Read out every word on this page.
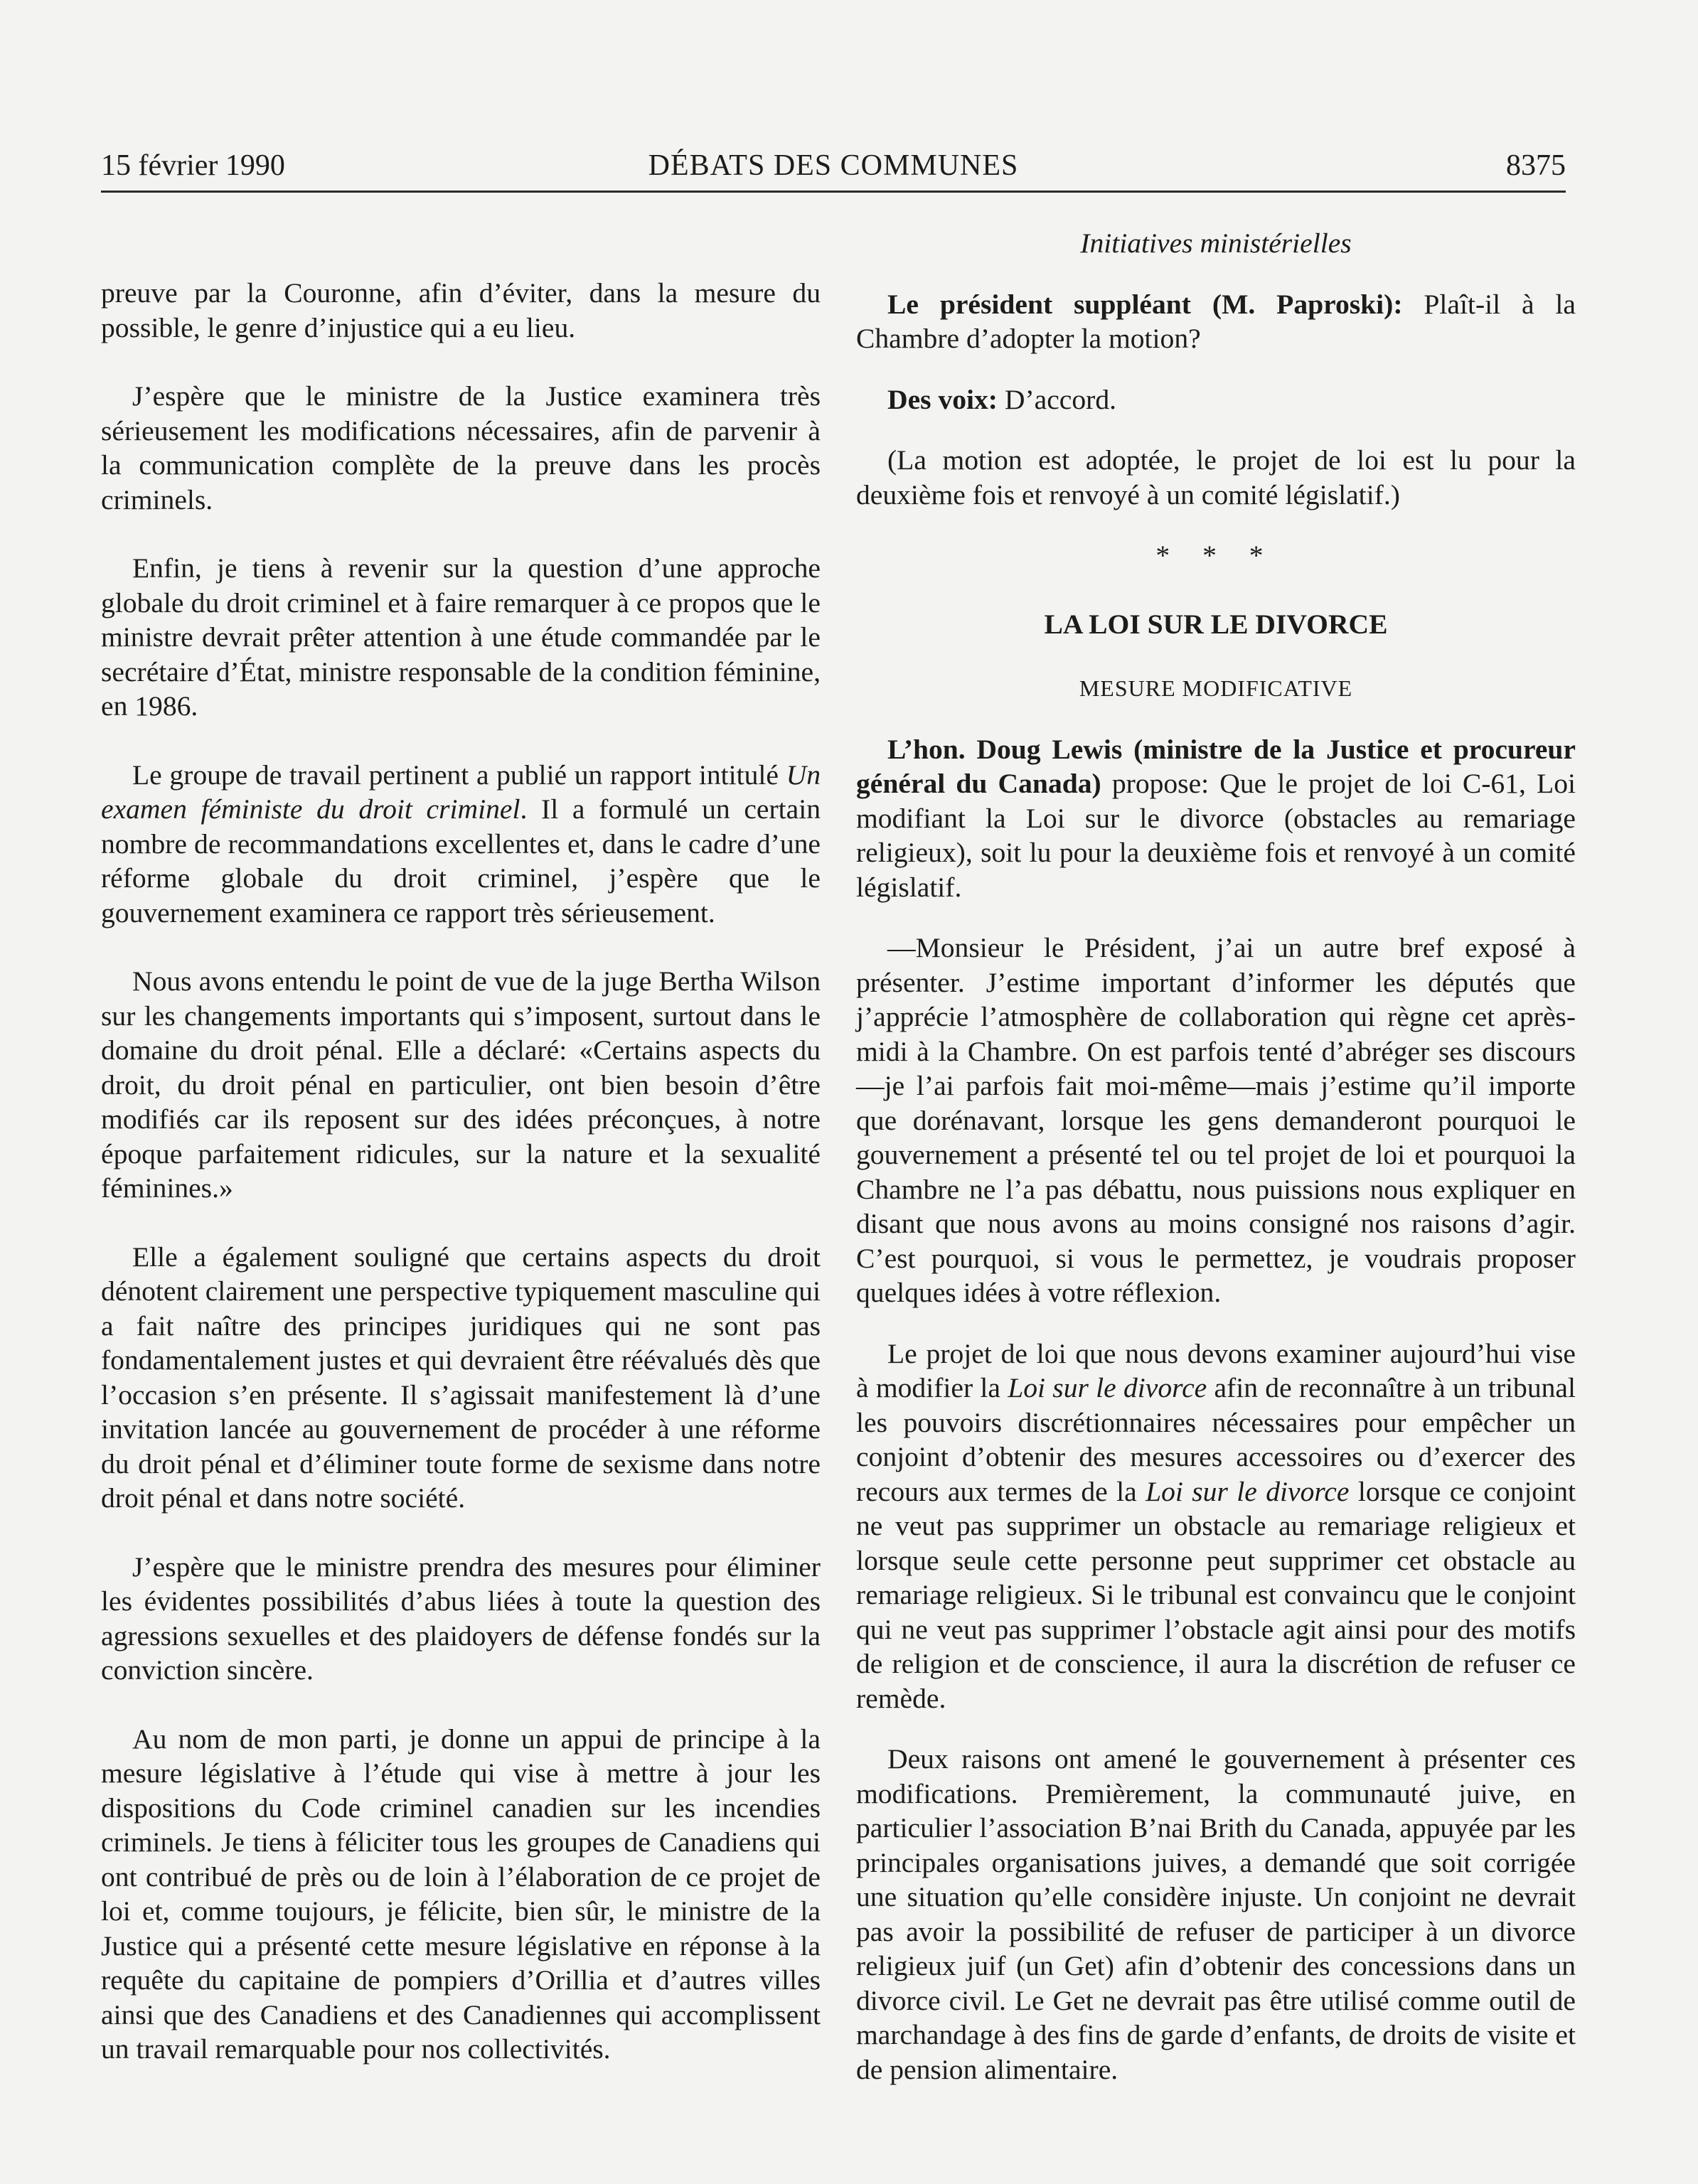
DÉBATS DES COMMUNES
15 février 1990	8375

preuve par la Couronne, afin d’éviter, dans la mesure du possible, le genre d’injustice qui a eu lieu.

J’espère que le ministre de la Justice examinera très sérieusement les modifications nécessaires, afin de parvenir à la communication complète de la preuve dans les procès criminels.

Enfin, je tiens à revenir sur la question d’une approche globale du droit criminel et à faire remarquer à ce propos que le ministre devrait prêter attention à une étude commandée par le secrétaire d’État, ministre responsable de la condition féminine, en 1986.

Le groupe de travail pertinent a publié un rapport intitulé Un examen féministe du droit criminel. Il a formulé un certain nombre de recommandations excellentes et, dans le cadre d’une réforme globale du droit criminel, j’espère que le gouvernement examinera ce rapport très sérieusement.

Nous avons entendu le point de vue de la juge Bertha Wilson sur les changements importants qui s’imposent, surtout dans le domaine du droit pénal. Elle a déclaré: «Certains aspects du droit, du droit pénal en particulier, ont bien besoin d’être modifiés car ils reposent sur des idées préconçues, à notre époque parfaitement ridicules, sur la nature et la sexualité féminines.»

Elle a également souligné que certains aspects du droit dénotent clairement une perspective typiquement masculine qui a fait naître des principes juridiques qui ne sont pas fondamentalement justes et qui devraient être réévalués dès que l’occasion s’en présente. Il s’agissait manifestement là d’une invitation lancée au gouvernement de procéder à une réforme du droit pénal et d’éliminer toute forme de sexisme dans notre droit pénal et dans notre société.

J’espère que le ministre prendra des mesures pour éliminer les évidentes possibilités d’abus liées à toute la question des agressions sexuelles et des plaidoyers de défense fondés sur la conviction sincère.

Au nom de mon parti, je donne un appui de principe à la mesure législative à l’étude qui vise à mettre à jour les dispositions du Code criminel canadien sur les incendies criminels. Je tiens à féliciter tous les groupes de Canadiens qui ont contribué de près ou de loin à l’élaboration de ce projet de loi et, comme toujours, je félicite, bien sûr, le ministre de la Justice qui a présenté cette mesure législative en réponse à la requête du capitaine de pompiers d’Orillia et d’autres villes ainsi que des Canadiens et des Canadiennes qui accomplissent un travail remarquable pour nos collectivités.

Initiatives ministérielles

Le président suppléant (M. Paproski): Plaît-il à la Chambre d’adopter la motion?

Des voix: D’accord.

(La motion est adoptée, le projet de loi est lu pour la deuxième fois et renvoyé à un comité législatif.)

* * *

LA LOI SUR LE DIVORCE

MESURE MODIFICATIVE

L’hon. Doug Lewis (ministre de la Justice et procureur général du Canada) propose: Que le projet de loi C-61, Loi modifiant la Loi sur le divorce (obstacles au remariage religieux), soit lu pour la deuxième fois et renvoyé à un comité législatif.

—Monsieur le Président, j’ai un autre bref exposé à présenter. J’estime important d’informer les députés que j’apprécie l’atmosphère de collaboration qui règne cet après-midi à la Chambre. On est parfois tenté d’abréger ses discours—je l’ai parfois fait moi-même—mais j’estime qu’il importe que dorénavant, lorsque les gens demanderont pourquoi le gouvernement a présenté tel ou tel projet de loi et pourquoi la Chambre ne l’a pas débattu, nous puissions nous expliquer en disant que nous avons au moins consigné nos raisons d’agir. C’est pourquoi, si vous le permettez, je voudrais proposer quelques idées à votre réflexion.

Le projet de loi que nous devons examiner aujourd’hui vise à modifier la Loi sur le divorce afin de reconnaître à un tribunal les pouvoirs discrétionnaires nécessaires pour empêcher un conjoint d’obtenir des mesures accessoires ou d’exercer des recours aux termes de la Loi sur le divorce lorsque ce conjoint ne veut pas supprimer un obstacle au remariage religieux et lorsque seule cette personne peut supprimer cet obstacle au remariage religieux. Si le tribunal est convaincu que le conjoint qui ne veut pas supprimer l’obstacle agit ainsi pour des motifs de religion et de conscience, il aura la discrétion de refuser ce remède.

Deux raisons ont amené le gouvernement à présenter ces modifications. Premièrement, la communauté juive, en particulier l’association B’nai Brith du Canada, appuyée par les principales organisations juives, a demandé que soit corrigée une situation qu’elle considère injuste. Un conjoint ne devrait pas avoir la possibilité de refuser de participer à un divorce religieux juif (un Get) afin d’obtenir des concessions dans un divorce civil. Le Get ne devrait pas être utilisé comme outil de marchandage à des fins de garde d’enfants, de droits de visite et de pension alimentaire.
